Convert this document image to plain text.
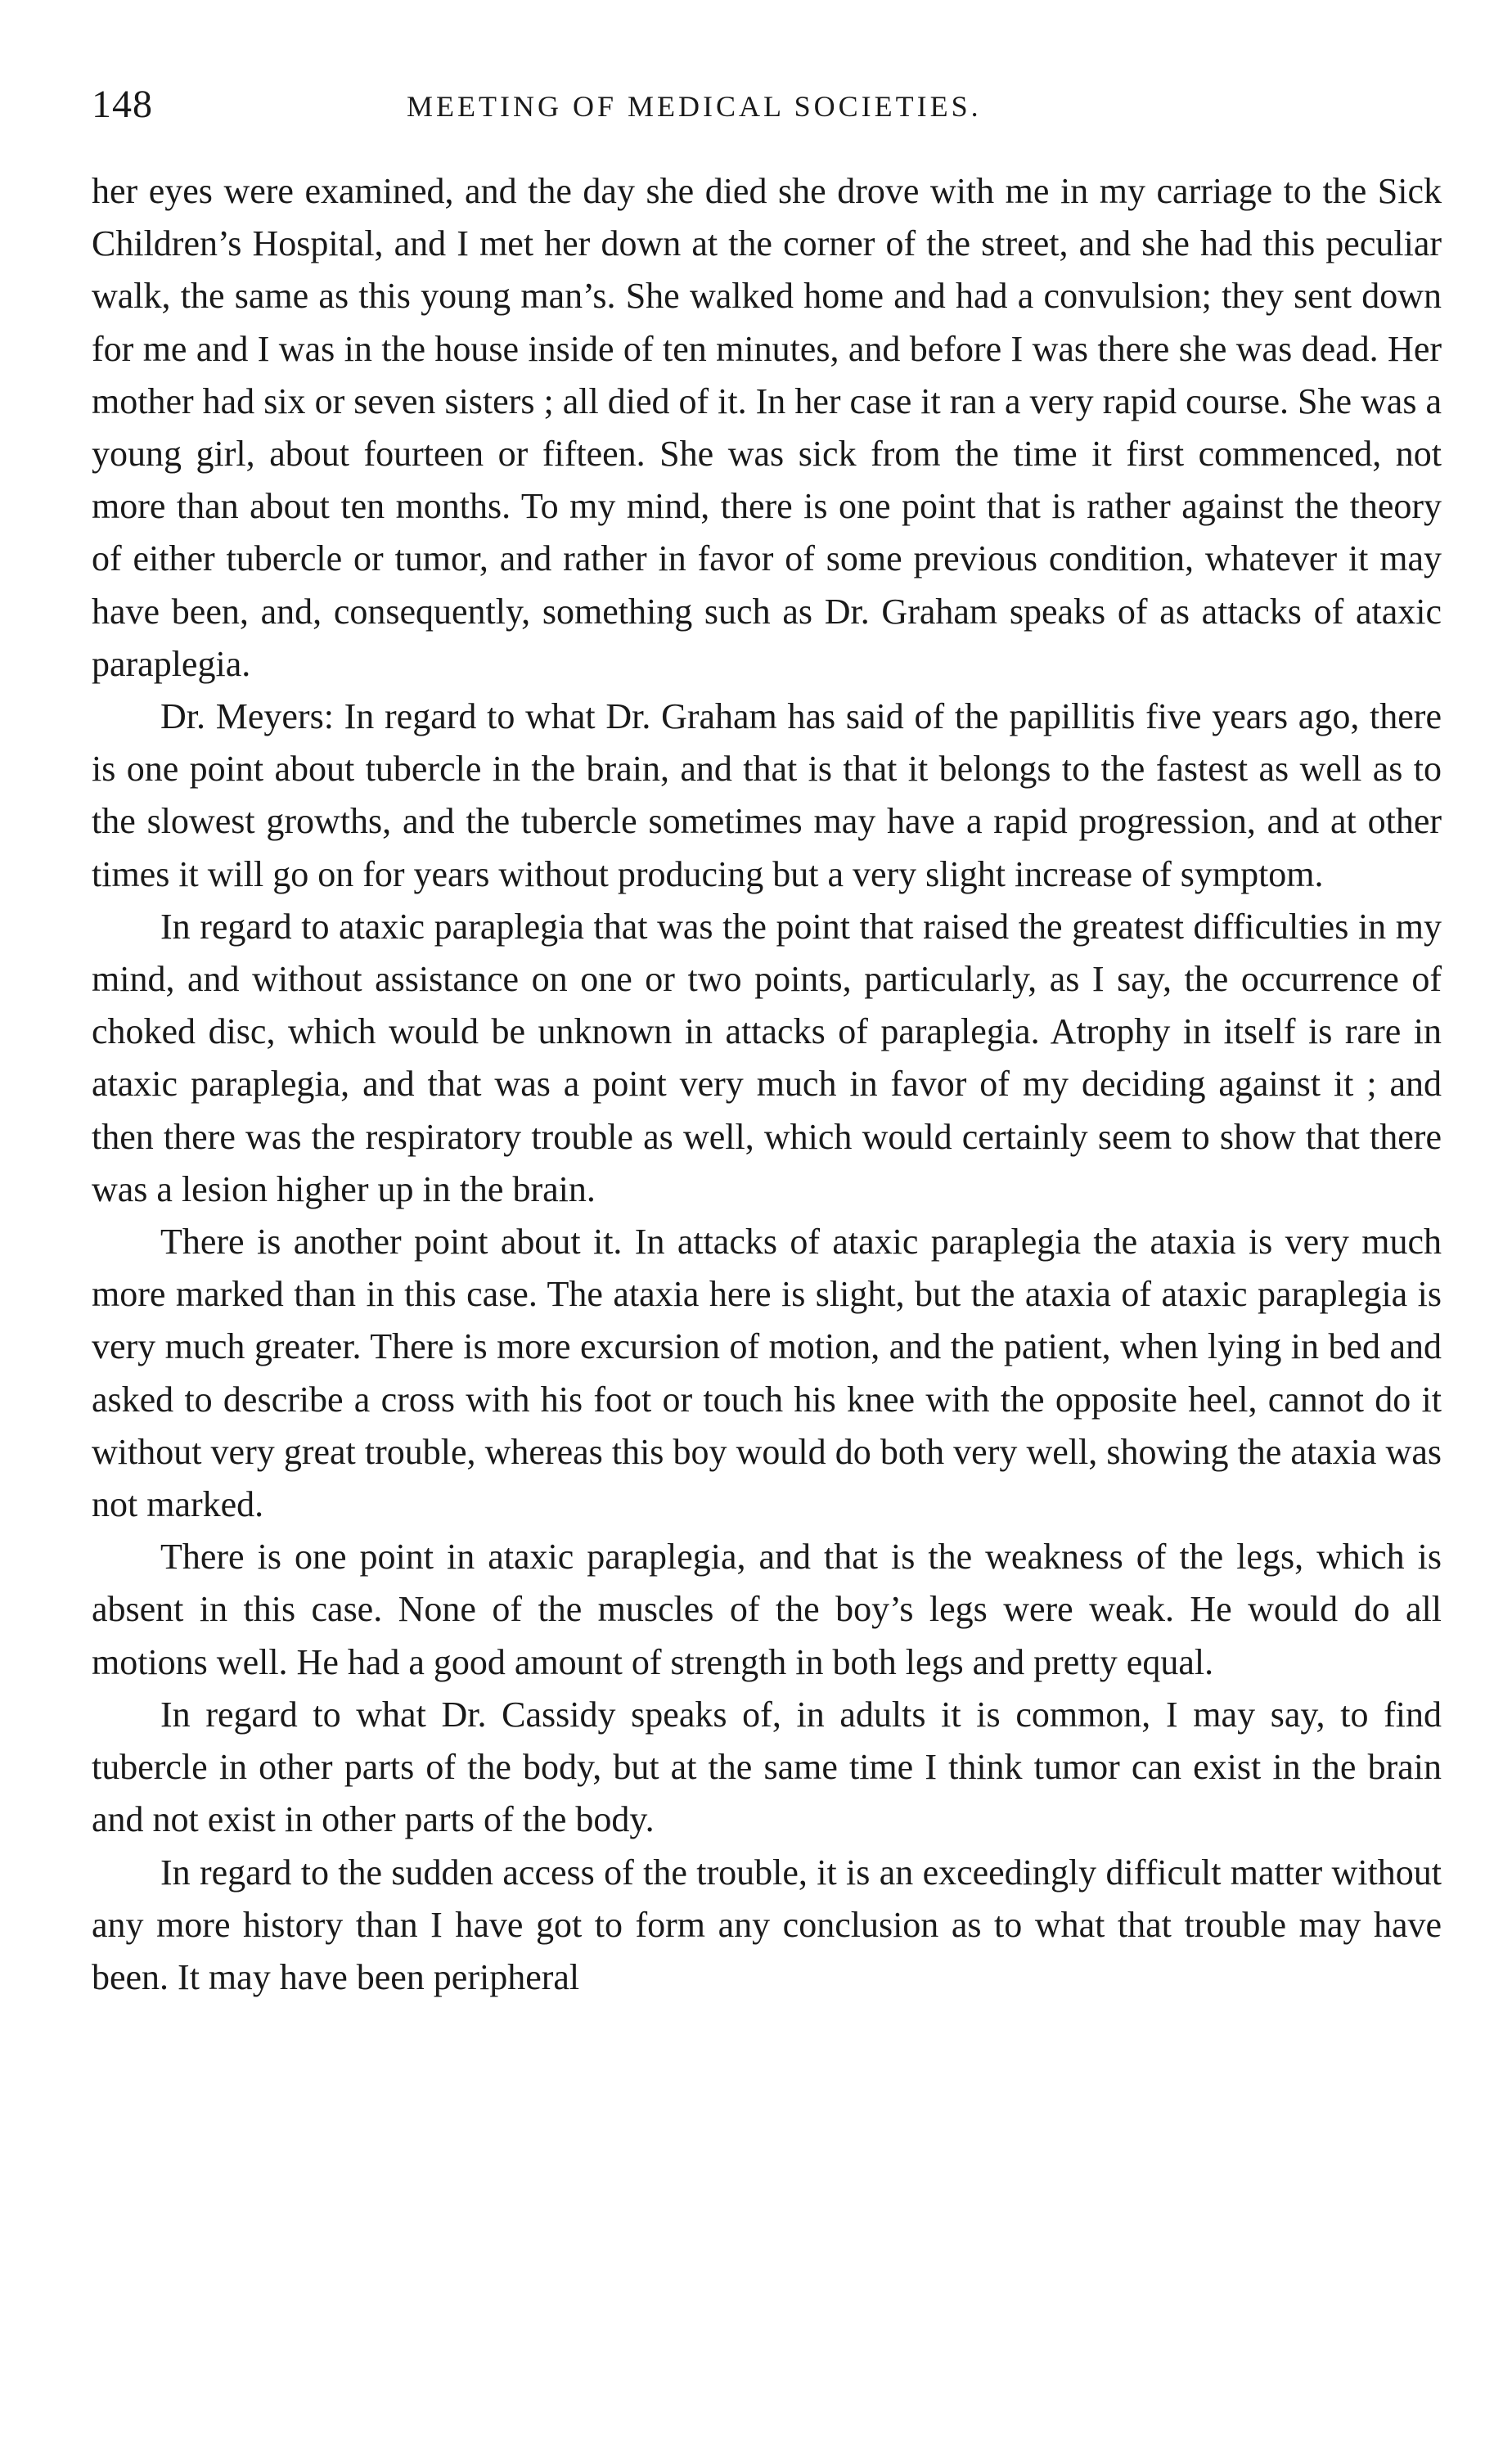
148	MEETING OF MEDICAL SOCIETIES.

her eyes were examined, and the day she died she drove with me in my carriage to the Sick Children’s Hospital, and I met her down at the corner of the street, and she had this peculiar walk, the same as this young man’s. She walked home and had a convulsion; they sent down for me and I was in the house inside of ten minutes, and before I was there she was dead. Her mother had six or seven sisters ; all died of it. In her case it ran a very rapid course. She was a young girl, about fourteen or fifteen. She was sick from the time it first commenced, not more than about ten months. To my mind, there is one point that is rather against the theory of either tubercle or tumor, and rather in favor of some previous condition, whatever it may have been, and, consequently, something such as Dr. Graham speaks of as attacks of ataxic paraplegia.

Dr. Meyers: In regard to what Dr. Graham has said of the papillitis five years ago, there is one point about tubercle in the brain, and that is that it belongs to the fastest as well as to the slowest growths, and the tubercle sometimes may have a rapid progression, and at other times it will go on for years without producing but a very slight increase of symptom.

In regard to ataxic paraplegia that was the point that raised the greatest difficulties in my mind, and without assistance on one or two points, particularly, as I say, the occurrence of choked disc, which would be unknown in attacks of paraplegia. Atrophy in itself is rare in ataxic paraplegia, and that was a point very much in favor of my deciding against it ; and then there was the respiratory trouble as well, which would certainly seem to show that there was a lesion higher up in the brain.

There is another point about it. In attacks of ataxic paraplegia the ataxia is very much more marked than in this case. The ataxia here is slight, but the ataxia of ataxic paraplegia is very much greater. There is more excursion of motion, and the patient, when lying in bed and asked to describe a cross with his foot or touch his knee with the opposite heel, cannot do it without very great trouble, whereas this boy would do both very well, showing the ataxia was not marked.

There is one point in ataxic paraplegia, and that is the weakness of the legs, which is absent in this case. None of the muscles of the boy’s legs were weak. He would do all motions well. He had a good amount of strength in both legs and pretty equal.

In regard to what Dr. Cassidy speaks of, in adults it is common, I may say, to find tubercle in other parts of the body, but at the same time I think tumor can exist in the brain and not exist in other parts of the body.

In regard to the sudden access of the trouble, it is an exceedingly difficult matter without any more history than I have got to form any conclusion as to what that trouble may have been. It may have been peripheral
